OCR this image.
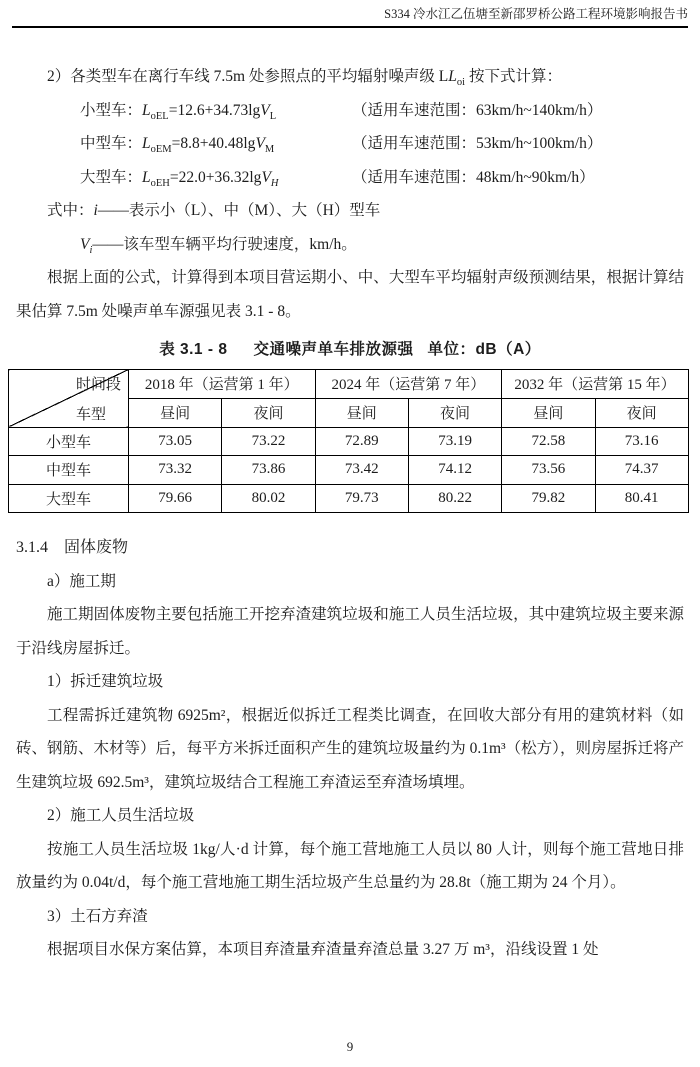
S334 冷水江乙伍塘至新邵罗桥公路工程环境影响报告书

2）各类型车在离行车线 7.5m 处参照点的平均辐射噪声级 $LL_{oi}$ 按下式计算：

小型车：$L_{oEL}=12.6+34.73\lg V_L$	（适用车速范围：63km/h~140km/h）
中型车：$L_{oEM}=8.8+40.48\lg V_M$	（适用车速范围：53km/h~100km/h）
大型车：$L_{oEH}=22.0+36.32\lg V_H$	（适用车速范围：48km/h~90km/h）

式中：i——表示小（L）、中（M）、大（H）型车

$V_i——$该车型车辆平均行驶速度，km/h。

根据上面的公式，计算得到本项目营运期小、中、大型车平均辐射声级预测结果，根据计算结果估算 7.5m 处噪声单车源强见表 3.1 - 8。

表 3.1 - 8 交通噪声单车排放源强 单位：dB（A）
时间段
车型	2018 年（运营第 1 年）		2024 年（运营第 7 年）		2032 年（运营第 15 年）	
	昼间	夜间	昼间	夜间	昼间	夜间
小型车	73.05	73.22	72.89	73.19	72.58	73.16
中型车	73.32	73.86	73.42	74.12	73.56	74.37
大型车	79.66	80.02	79.73	80.22	79.82	80.41

3.1.4　固体废物

a）施工期

施工期固体废物主要包括施工开挖弃渣建筑垃圾和施工人员生活垃圾，其中建筑垃圾主要来源于沿线房屋拆迁。

1）拆迁建筑垃圾

工程需拆迁建筑物 6925m²，根据近似拆迁工程类比调查，在回收大部分有用的建筑材料（如砖、钢筋、木材等）后，每平方米拆迁面积产生的建筑垃圾量约为 0.1m³（松方），则房屋拆迁将产生建筑垃圾 692.5m³，建筑垃圾结合工程施工弃渣运至弃渣场填埋。

2）施工人员生活垃圾

按施工人员生活垃圾 1kg/人·d 计算，每个施工营地施工人员以 80 人计，则每个施工营地日排放量约为 0.04t/d，每个施工营地施工期生活垃圾产生总量约为 28.8t（施工期为 24 个月）。

3）土石方弃渣

根据项目水保方案估算，本项目弃渣量弃渣量弃渣总量 3.27 万 m³，沿线设置 1 处

9
